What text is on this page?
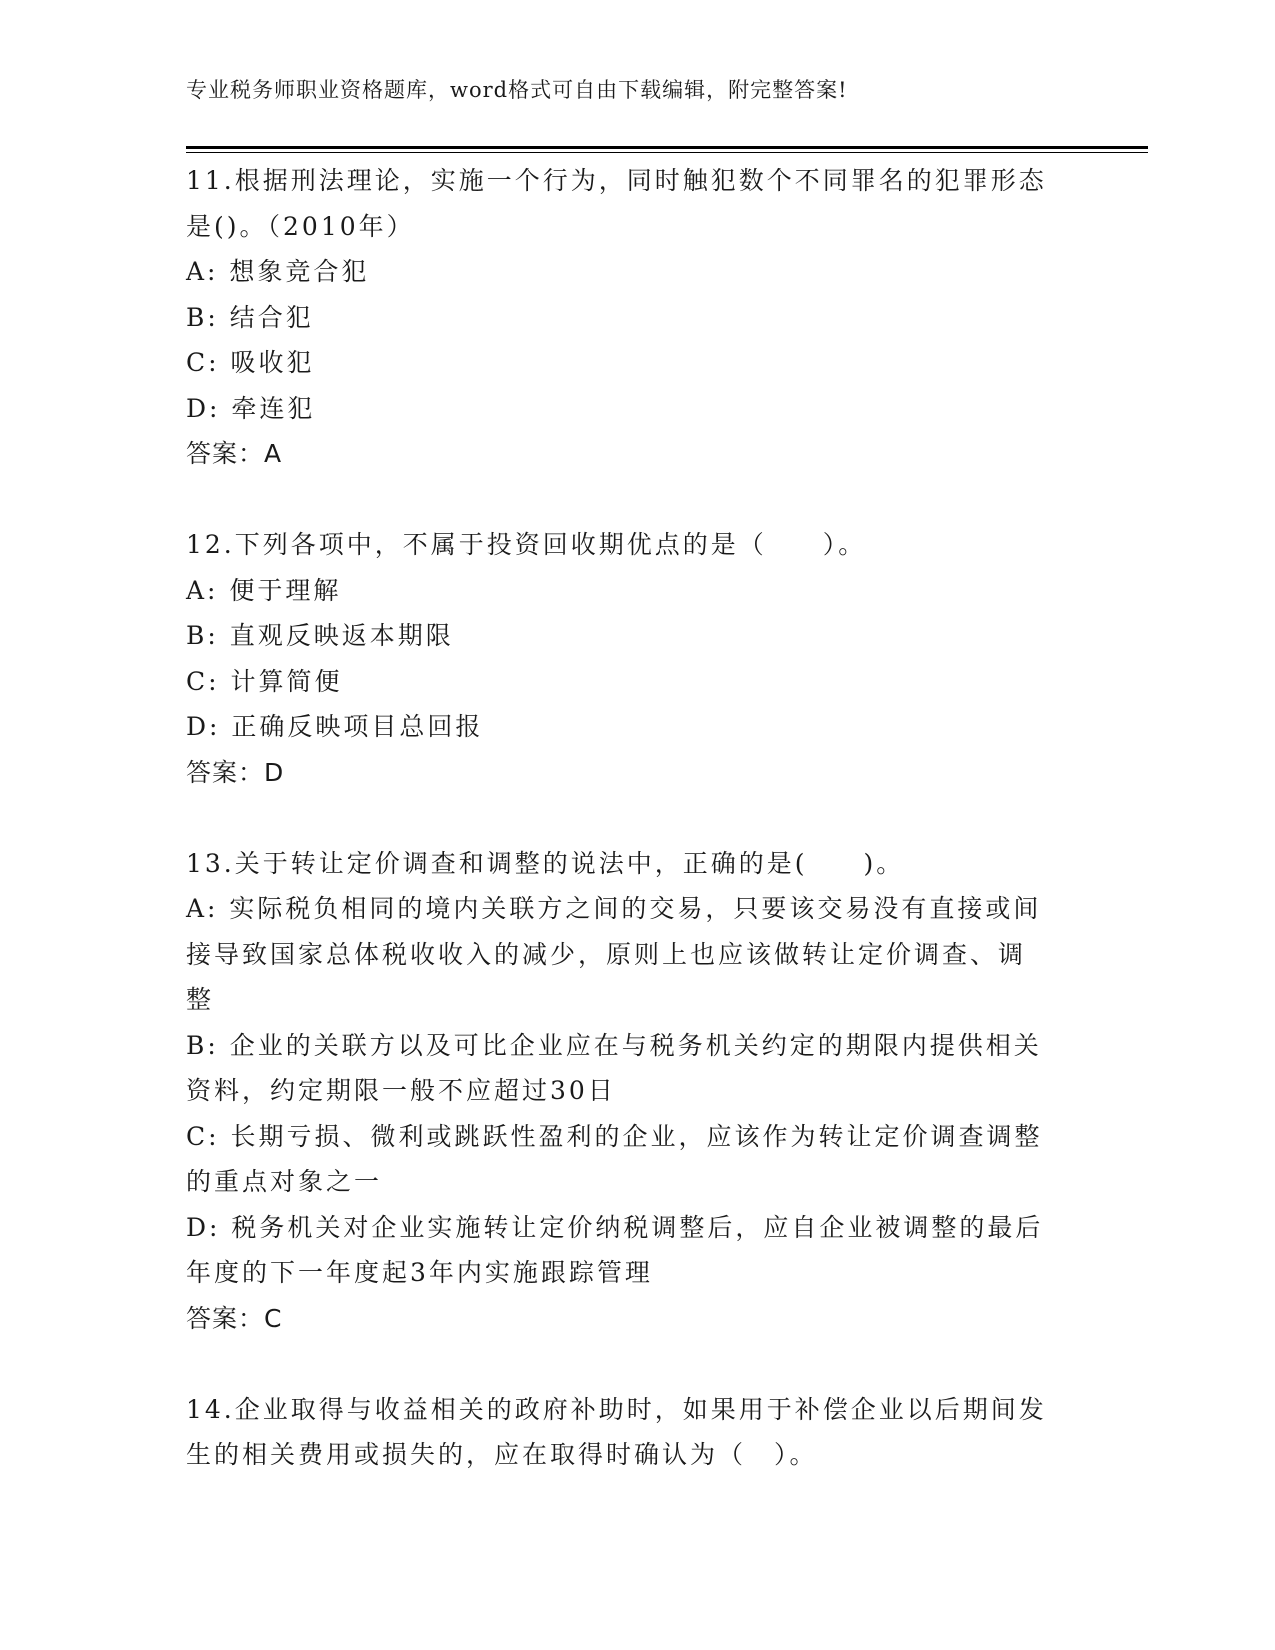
专业税务师职业资格题库，word格式可自由下载编辑，附完整答案!

11.根据刑法理论，实施一个行为，同时触犯数个不同罪名的犯罪形态

是()。（2010年）

A: 想象竞合犯

B: 结合犯

C: 吸收犯

D: 牵连犯

答案：A

12.下列各项中，不属于投资回收期优点的是（　　）。

A: 便于理解

B: 直观反映返本期限

C: 计算简便

D: 正确反映项目总回报

答案：D

13.关于转让定价调查和调整的说法中，正确的是(　　)。

A: 实际税负相同的境内关联方之间的交易，只要该交易没有直接或间

接导致国家总体税收收入的减少，原则上也应该做转让定价调查、调

整

B: 企业的关联方以及可比企业应在与税务机关约定的期限内提供相关

资料，约定期限一般不应超过30日

C: 长期亏损、微利或跳跃性盈利的企业，应该作为转让定价调查调整

的重点对象之一

D: 税务机关对企业实施转让定价纳税调整后，应自企业被调整的最后

年度的下一年度起3年内实施跟踪管理

答案：C

14.企业取得与收益相关的政府补助时，如果用于补偿企业以后期间发

生的相关费用或损失的，应在取得时确认为（　）。
